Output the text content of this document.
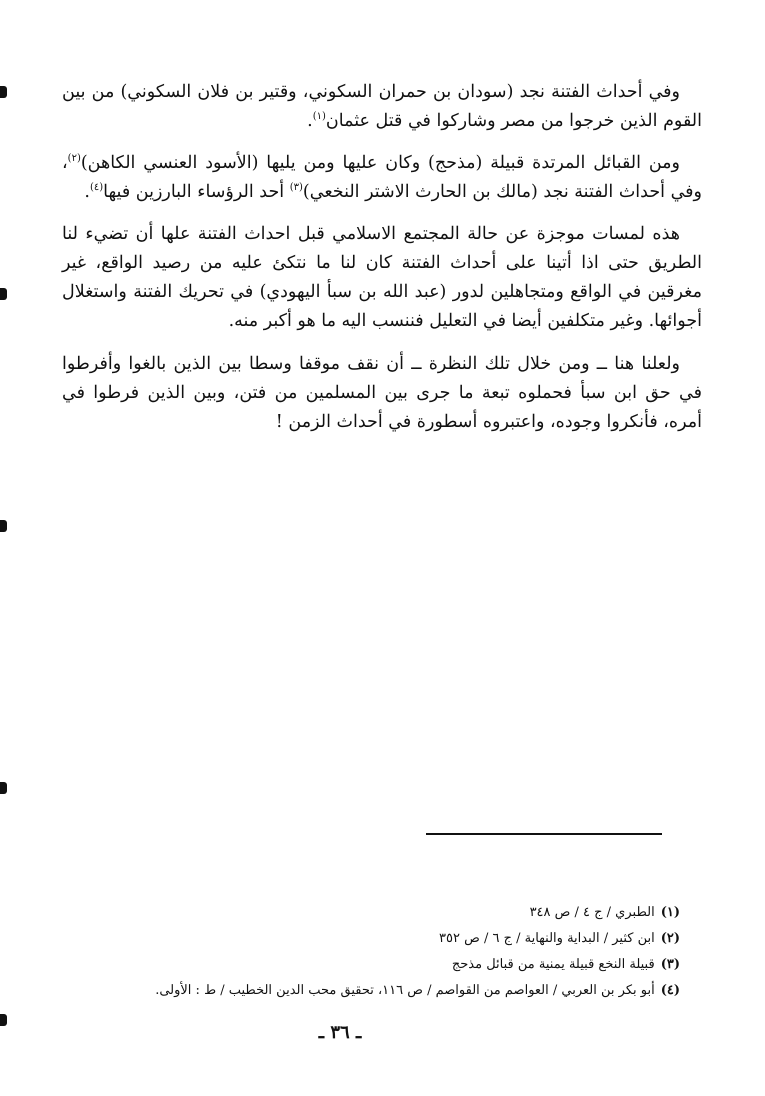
وفي أحداث الفتنة نجد (سودان بن حمران السكوني، وقتير بن فلان السكوني) من بين القوم الذين خرجوا من مصر وشاركوا في قتل عثمان$^{(١)}$.

ومن القبائل المرتدة قبيلة (مذحج) وكان عليها ومن يليها (الأسود العنسي الكاهن)$^{(٢)}$، وفي أحداث الفتنة نجد (مالك بن الحارث الاشتر النخعي)$^{(٣)}$ أحد الرؤساء البارزين فيها$^{(٤)}$.

هذه لمسات موجزة عن حالة المجتمع الاسلامي قبل احداث الفتنة علها أن تضيء لنا الطريق حتى اذا أتينا على أحداث الفتنة كان لنا ما نتكئ عليه من رصيد الواقع، غير مغرقين في الواقع ومتجاهلين لدور (عبد الله بن سبأ اليهودي) في تحريك الفتنة واستغلال أجوائها. وغير متكلفين أيضا في التعليل فننسب اليه ما هو أكبر منه.

ولعلنا هنا ــ ومن خلال تلك النظرة ــ أن نقف موقفا وسطا بين الذين بالغوا وأفرطوا في حق ابن سبأ فحملوه تبعة ما جرى بين المسلمين من فتن، وبين الذين فرطوا في أمره، فأنكروا وجوده، واعتبروه أسطورة في أحداث الزمن !

(١)الطبري / ج ٤ / ص ٣٤٨
(٢)ابن كثير / البداية والنهاية / ج ٦ / ص ٣٥٢
(٣)قبيلة النخع قبيلة يمنية من قبائل مذحج
(٤)أبو بكر بن العربي / العواصم من القواصم / ص ١١٦، تحقيق محب الدين الخطيب / ط : الأولى.
ـ ٣٦ ـ
